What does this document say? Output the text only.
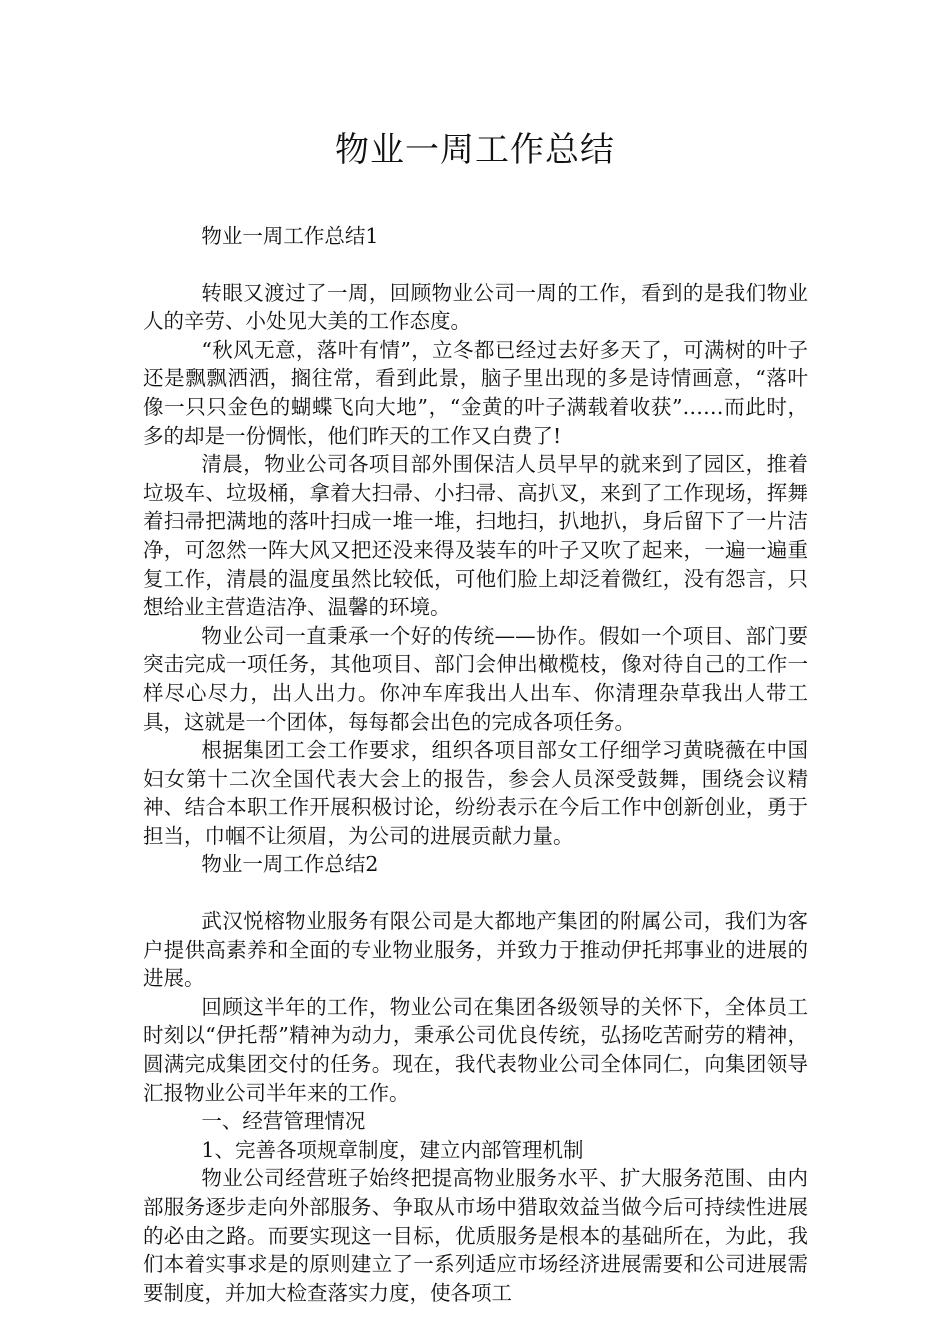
物业一周工作总结

物业一周工作总结1

转眼又渡过了一周，回顾物业公司一周的工作，看到的是我们物业人的辛劳、小处见大美的工作态度。

“秋风无意，落叶有情”，立冬都已经过去好多天了，可满树的叶子还是飘飘洒洒，搁往常，看到此景，脑子里出现的多是诗情画意，“落叶像一只只金色的蝴蝶飞向大地”，“金黄的叶子满载着收获”……而此时，多的却是一份惆怅，他们昨天的工作又白费了!

清晨，物业公司各项目部外围保洁人员早早的就来到了园区，推着垃圾车、垃圾桶，拿着大扫帚、小扫帚、高扒叉，来到了工作现场，挥舞着扫帚把满地的落叶扫成一堆一堆，扫地扫，扒地扒，身后留下了一片洁净，可忽然一阵大风又把还没来得及装车的叶子又吹了起来，一遍一遍重复工作，清晨的温度虽然比较低，可他们脸上却泛着微红，没有怨言，只想给业主营造洁净、温馨的环境。

物业公司一直秉承一个好的传统——协作。假如一个项目、部门要突击完成一项任务，其他项目、部门会伸出橄榄枝，像对待自己的工作一样尽心尽力，出人出力。你冲车库我出人出车、你清理杂草我出人带工具，这就是一个团体，每每都会出色的完成各项任务。

根据集团工会工作要求，组织各项目部女工仔细学习黄晓薇在中国妇女第十二次全国代表大会上的报告，参会人员深受鼓舞，围绕会议精神、结合本职工作开展积极讨论，纷纷表示在今后工作中创新创业，勇于担当，巾帼不让须眉，为公司的进展贡献力量。

物业一周工作总结2

武汉悦榕物业服务有限公司是大都地产集团的附属公司，我们为客户提供高素养和全面的专业物业服务，并致力于推动伊托邦事业的进展的进展。

回顾这半年的工作，物业公司在集团各级领导的关怀下，全体员工时刻以“伊托帮”精神为动力，秉承公司优良传统，弘扬吃苦耐劳的精神，圆满完成集团交付的任务。现在，我代表物业公司全体同仁，向集团领导汇报物业公司半年来的工作。

一、经营管理情况

1、完善各项规章制度，建立内部管理机制

物业公司经营班子始终把提高物业服务水平、扩大服务范围、由内部服务逐步走向外部服务、争取从市场中猎取效益当做今后可持续性进展的必由之路。而要实现这一目标，优质服务是根本的基础所在，为此，我们本着实事求是的原则建立了一系列适应市场经济进展需要和公司进展需要制度，并加大检查落实力度，使各项工
